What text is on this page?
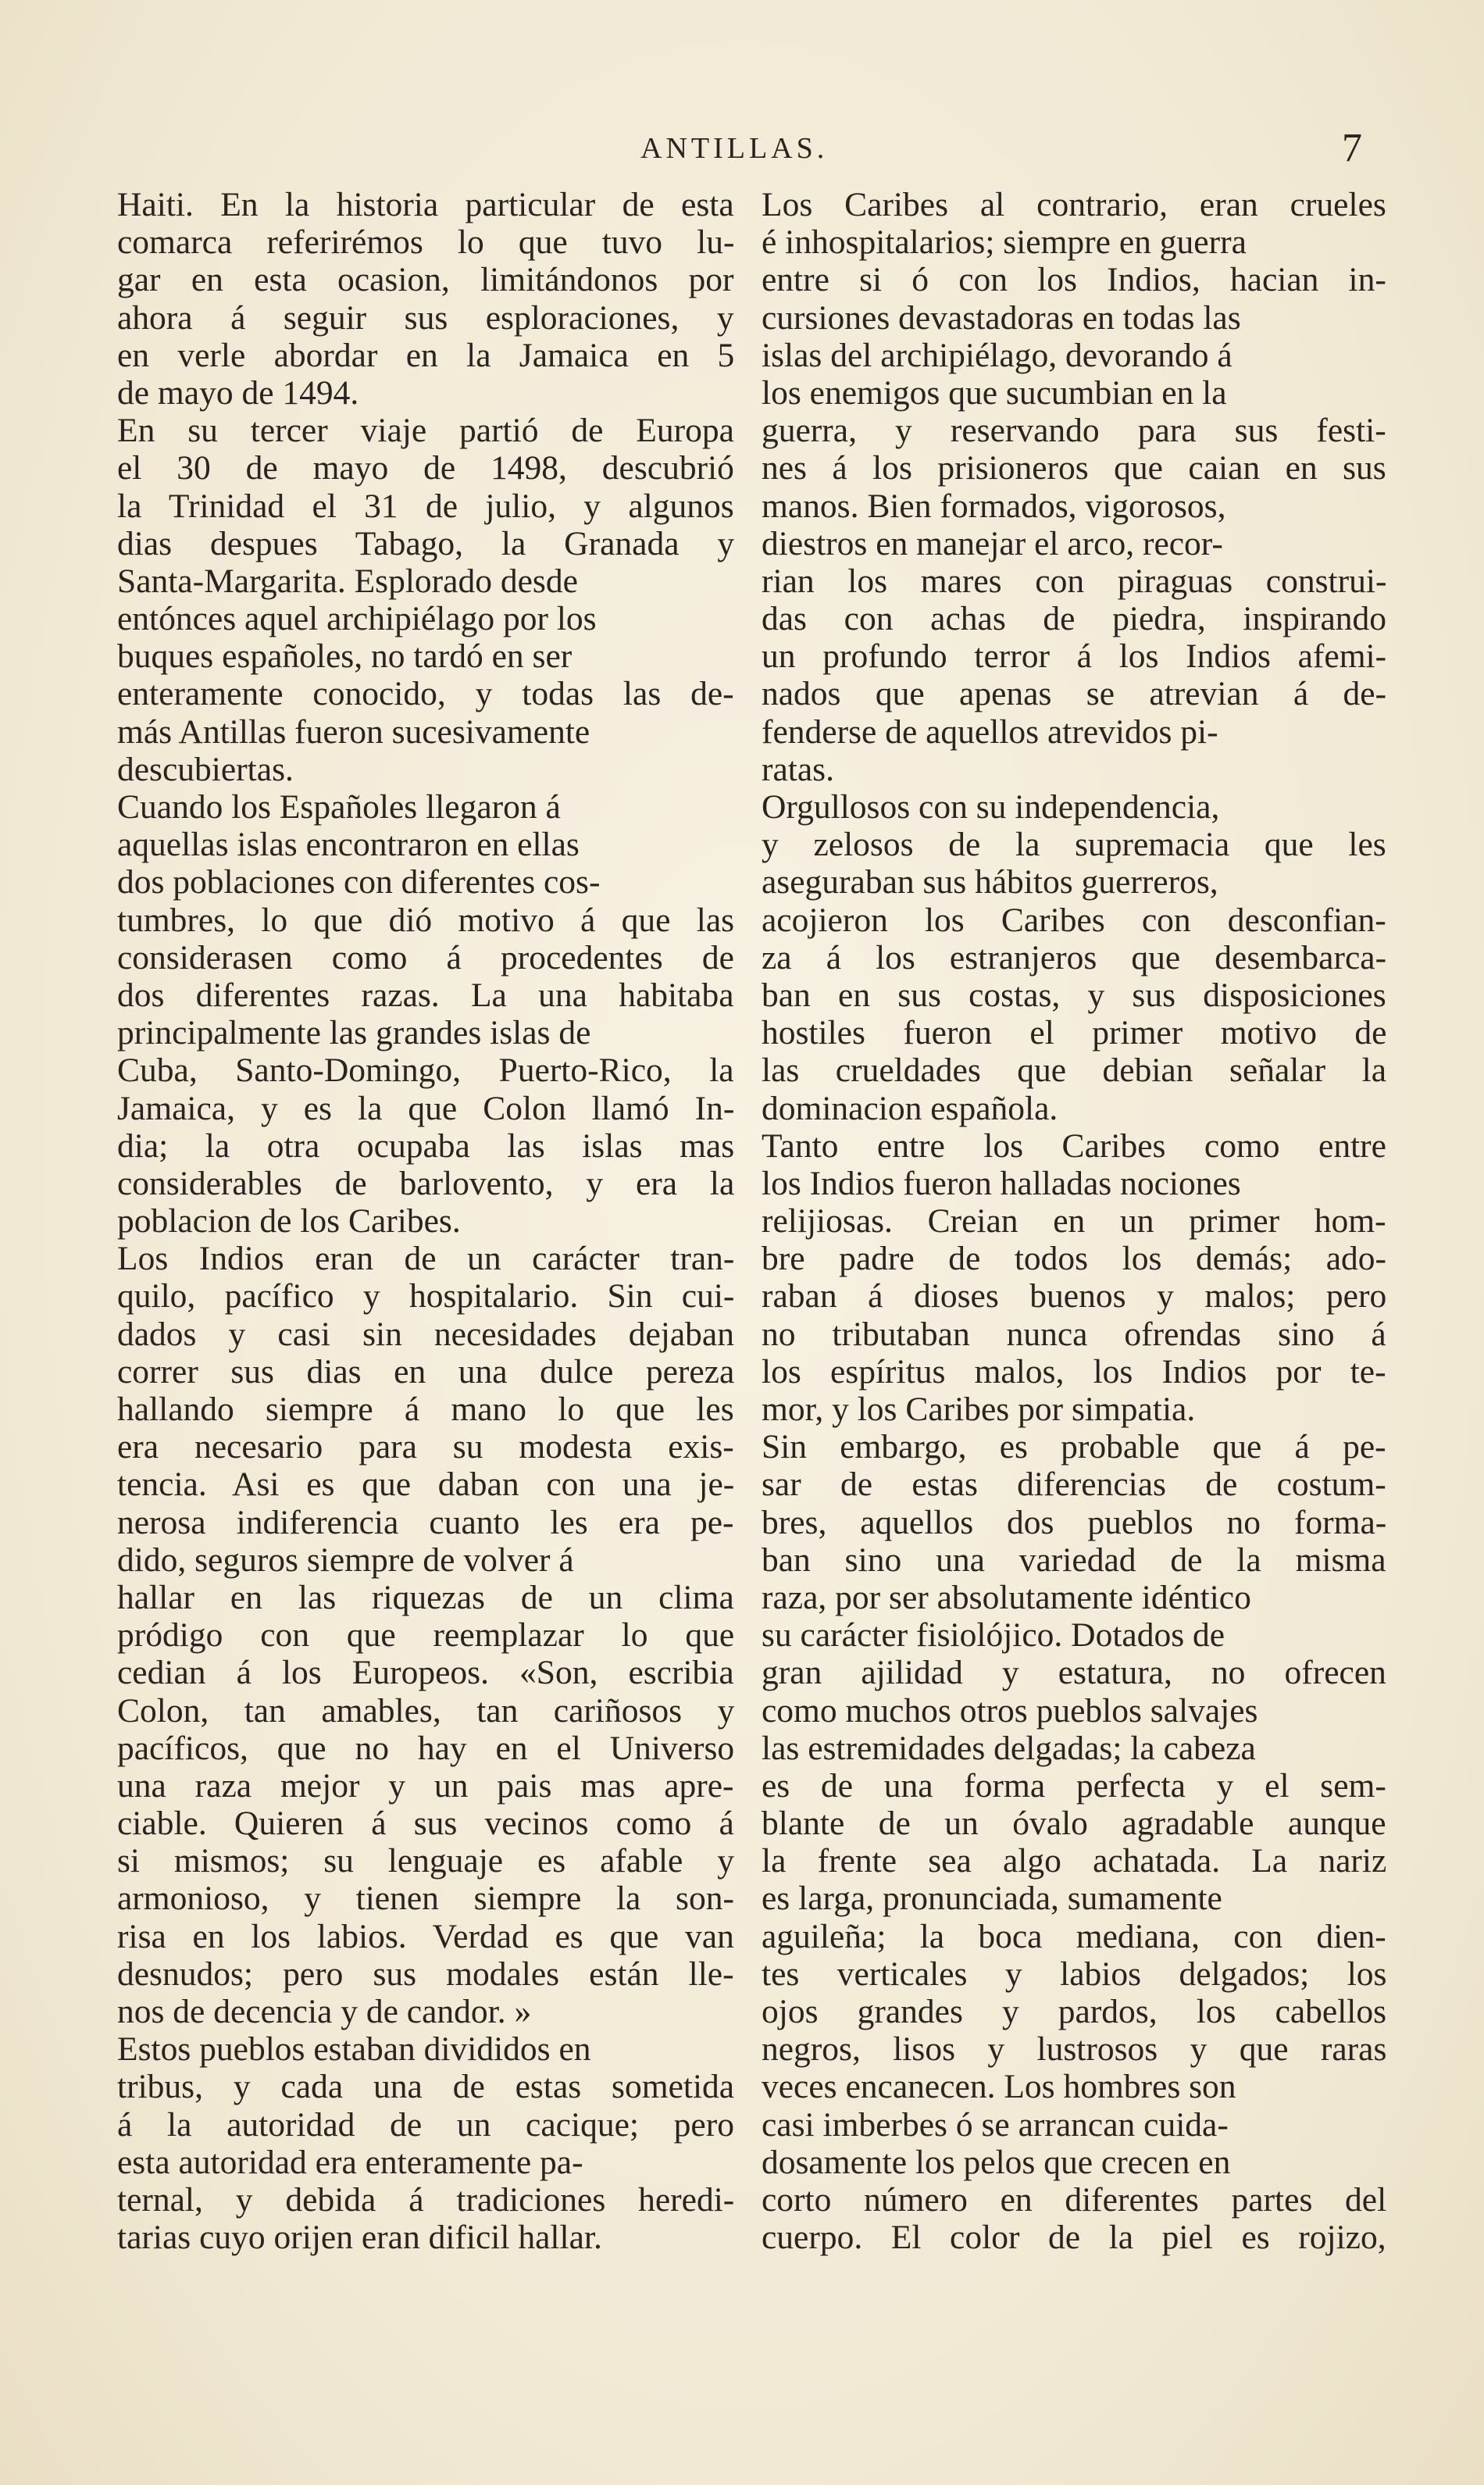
ANTILLAS.	7
Haiti. En la historia particular de esta
comarca referirémos lo que tuvo lu-
gar en esta ocasion, limitándonos por
ahora á seguir sus esploraciones, y
en verle abordar en la Jamaica en 5
de mayo de 1494.
En su tercer viaje partió de Europa
el 30 de mayo de 1498, descubrió
la Trinidad el 31 de julio, y algunos
dias despues Tabago, la Granada y
Santa-Margarita. Esplorado desde
entónces aquel archipiélago por los
buques españoles, no tardó en ser
enteramente conocido, y todas las de-
más Antillas fueron sucesivamente
descubiertas.
Cuando los Españoles llegaron á
aquellas islas encontraron en ellas
dos poblaciones con diferentes cos-
tumbres, lo que dió motivo á que las
considerasen como á procedentes de
dos diferentes razas. La una habitaba
principalmente las grandes islas de
Cuba, Santo-Domingo, Puerto-Rico, la
Jamaica, y es la que Colon llamó In-
dia; la otra ocupaba las islas mas
considerables de barlovento, y era la
poblacion de los Caribes.
Los Indios eran de un carácter tran-
quilo, pacífico y hospitalario. Sin cui-
dados y casi sin necesidades dejaban
correr sus dias en una dulce pereza
hallando siempre á mano lo que les
era necesario para su modesta exis-
tencia. Asi es que daban con una je-
nerosa indiferencia cuanto les era pe-
dido, seguros siempre de volver á
hallar en las riquezas de un clima
pródigo con que reemplazar lo que
cedian á los Europeos. «Son, escribia
Colon, tan amables, tan cariñosos y
pacíficos, que no hay en el Universo
una raza mejor y un pais mas apre-
ciable. Quieren á sus vecinos como á
si mismos; su lenguaje es afable y
armonioso, y tienen siempre la son-
risa en los labios. Verdad es que van
desnudos; pero sus modales están lle-
nos de decencia y de candor. »
Estos pueblos estaban divididos en
tribus, y cada una de estas sometida
á la autoridad de un cacique; pero
esta autoridad era enteramente pa-
ternal, y debida á tradiciones heredi-
tarias cuyo orijen eran dificil hallar.
Los Caribes al contrario, eran crueles
é inhospitalarios; siempre en guerra
entre si ó con los Indios, hacian in-
cursiones devastadoras en todas las
islas del archipiélago, devorando á
los enemigos que sucumbian en la
guerra, y reservando para sus festi-
nes á los prisioneros que caian en sus
manos. Bien formados, vigorosos,
diestros en manejar el arco, recor-
rian los mares con piraguas construi-
das con achas de piedra, inspirando
un profundo terror á los Indios afemi-
nados que apenas se atrevian á de-
fenderse de aquellos atrevidos pi-
ratas.
Orgullosos con su independencia,
y zelosos de la supremacia que les
aseguraban sus hábitos guerreros,
acojieron los Caribes con desconfian-
za á los estranjeros que desembarca-
ban en sus costas, y sus disposiciones
hostiles fueron el primer motivo de
las crueldades que debian señalar la
dominacion española.
Tanto entre los Caribes como entre
los Indios fueron halladas nociones
relijiosas. Creian en un primer hom-
bre padre de todos los demás; ado-
raban á dioses buenos y malos; pero
no tributaban nunca ofrendas sino á
los espíritus malos, los Indios por te-
mor, y los Caribes por simpatia.
Sin embargo, es probable que á pe-
sar de estas diferencias de costum-
bres, aquellos dos pueblos no forma-
ban sino una variedad de la misma
raza, por ser absolutamente idéntico
su carácter fisiolójico. Dotados de
gran ajilidad y estatura, no ofrecen
como muchos otros pueblos salvajes
las estremidades delgadas; la cabeza
es de una forma perfecta y el sem-
blante de un óvalo agradable aunque
la frente sea algo achatada. La nariz
es larga, pronunciada, sumamente
aguileña; la boca mediana, con dien-
tes verticales y labios delgados; los
ojos grandes y pardos, los cabellos
negros, lisos y lustrosos y que raras
veces encanecen. Los hombres son
casi imberbes ó se arrancan cuida-
dosamente los pelos que crecen en
corto número en diferentes partes del
cuerpo. El color de la piel es rojizo,
